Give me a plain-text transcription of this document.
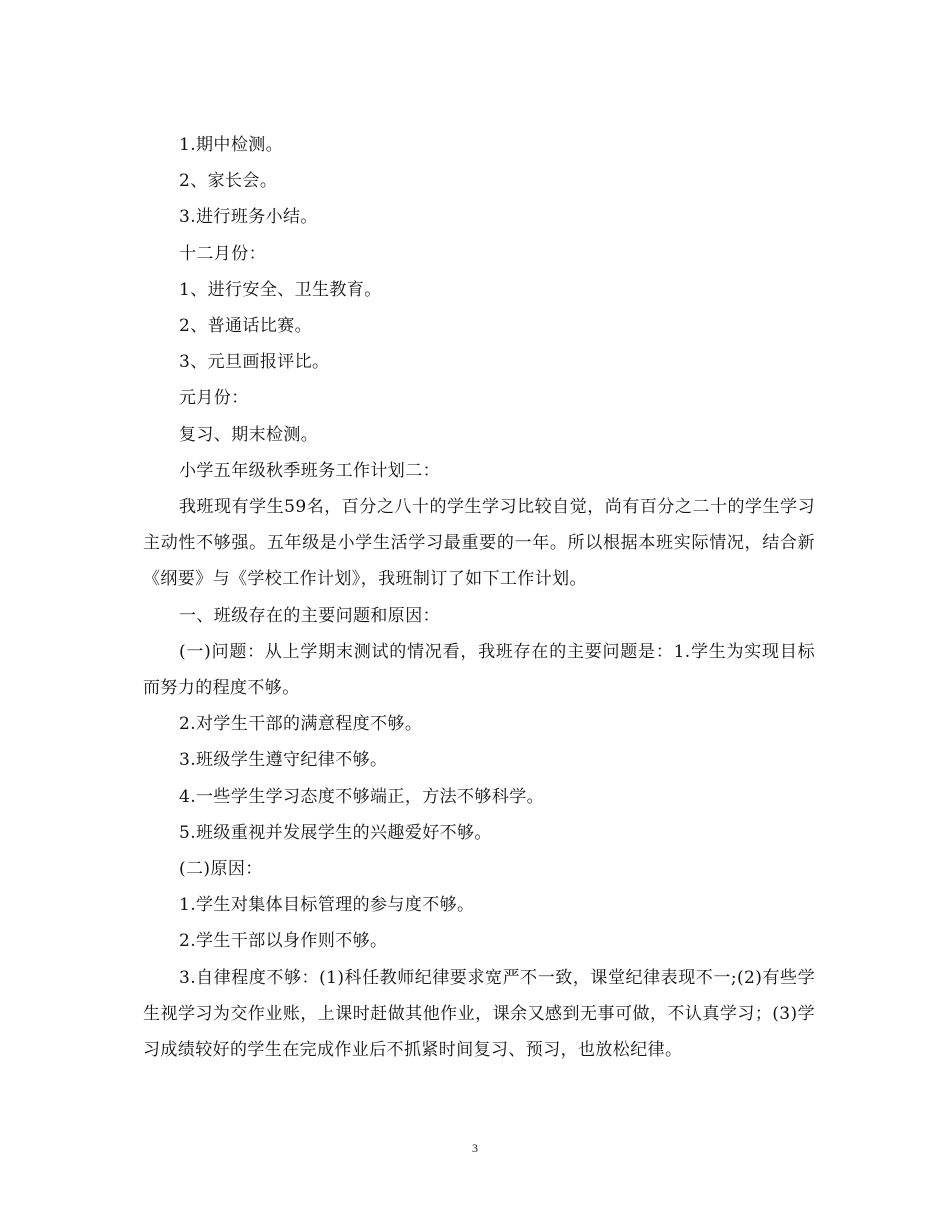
1.期中检测。

2、家长会。

3.进行班务小结。

十二月份：

1、进行安全、卫生教育。

2、普通话比赛。

3、元旦画报评比。

元月份：

复习、期末检测。

小学五年级秋季班务工作计划二：

我班现有学生59名，百分之八十的学生学习比较自觉，尚有百分之二十的学生学习主动性不够强。五年级是小学生活学习最重要的一年。所以根据本班实际情况，结合新《纲要》与《学校工作计划》，我班制订了如下工作计划。

一、班级存在的主要问题和原因：

(一)问题：从上学期末测试的情况看，我班存在的主要问题是：1.学生为实现目标而努力的程度不够。

2.对学生干部的满意程度不够。

3.班级学生遵守纪律不够。

4.一些学生学习态度不够端正，方法不够科学。

5.班级重视并发展学生的兴趣爱好不够。

(二)原因：

1.学生对集体目标管理的参与度不够。

2.学生干部以身作则不够。

3.自律程度不够：(1)科任教师纪律要求宽严不一致，课堂纪律表现不一;(2)有些学生视学习为交作业账，上课时赶做其他作业，课余又感到无事可做，不认真学习；(3)学习成绩较好的学生在完成作业后不抓紧时间复习、预习，也放松纪律。

3
